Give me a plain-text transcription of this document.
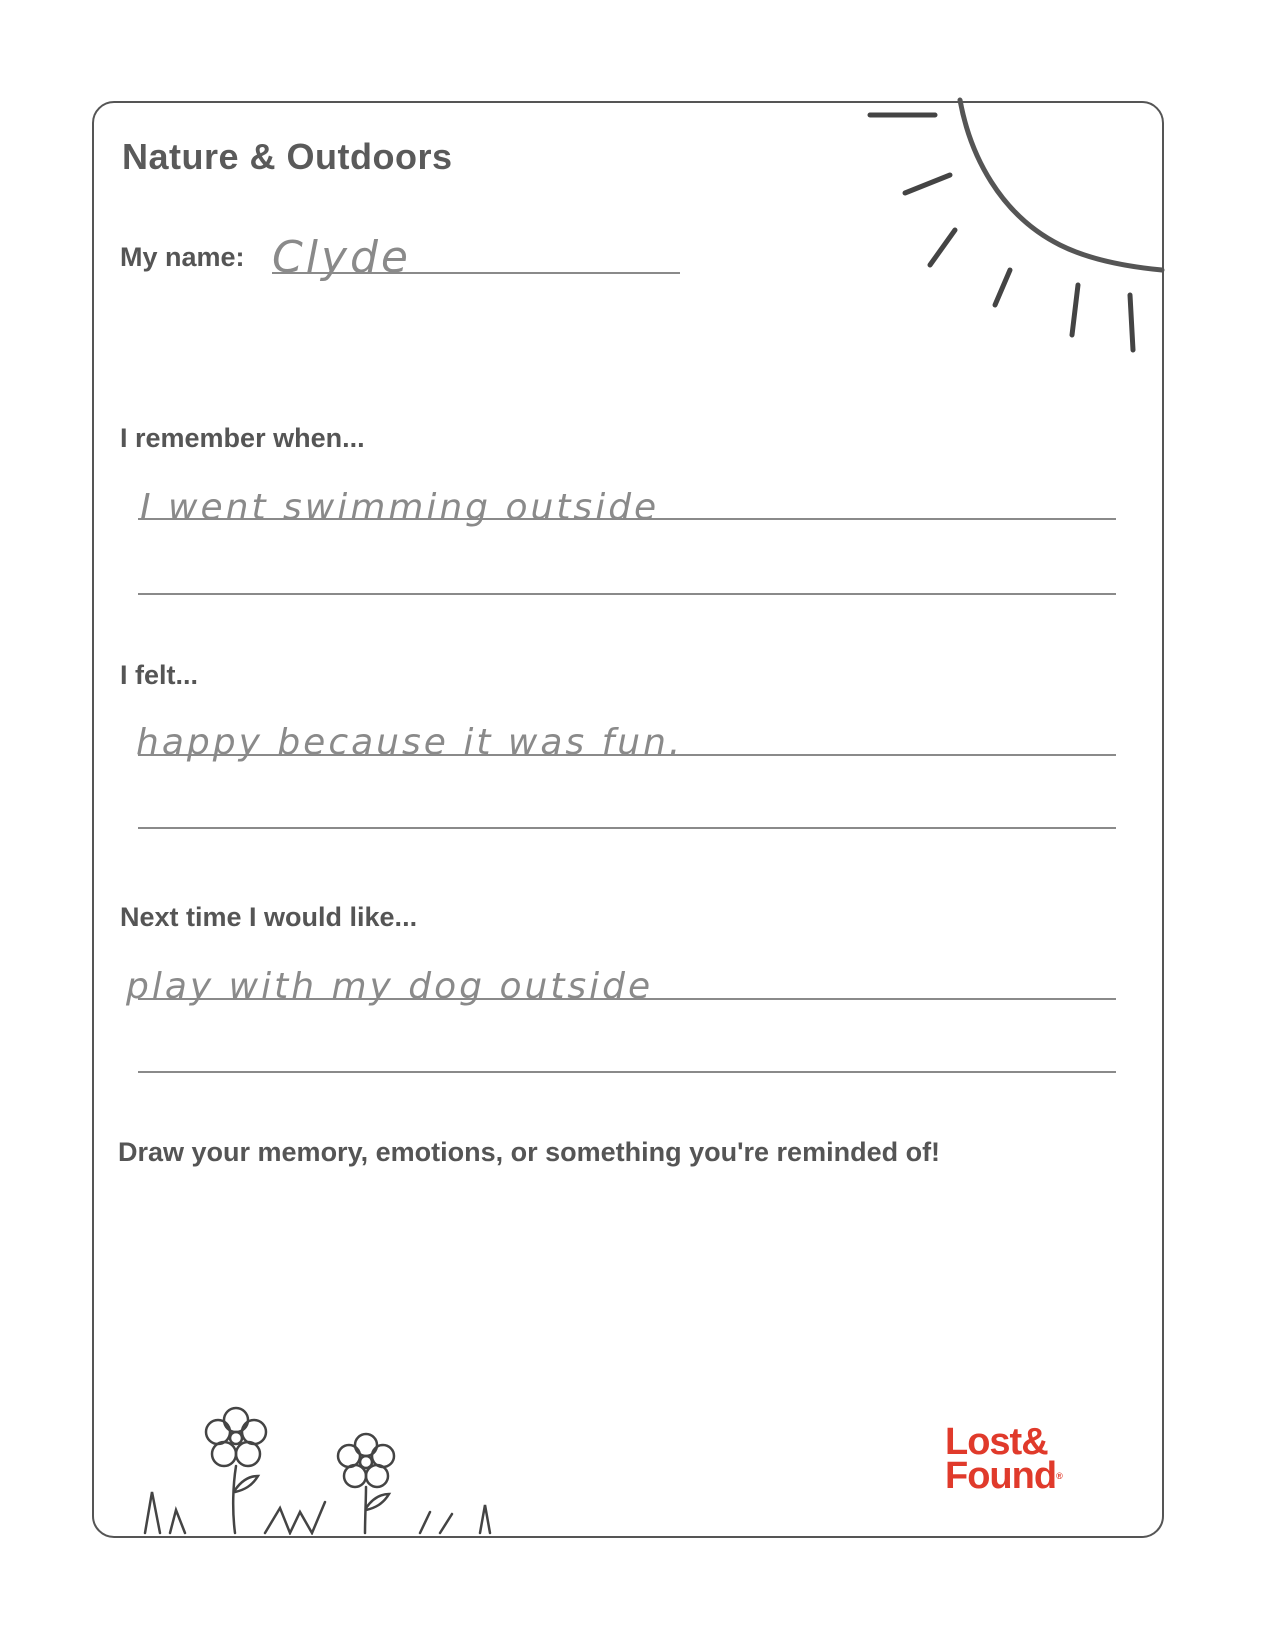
Nature & Outdoors
My name: Clyde
I remember when...
I went swimming outside
I felt...
happy because it was fun.
Next time I would like...
play with my dog outside
Draw your memory, emotions, or something you're reminded of!
Lost&
Found®
